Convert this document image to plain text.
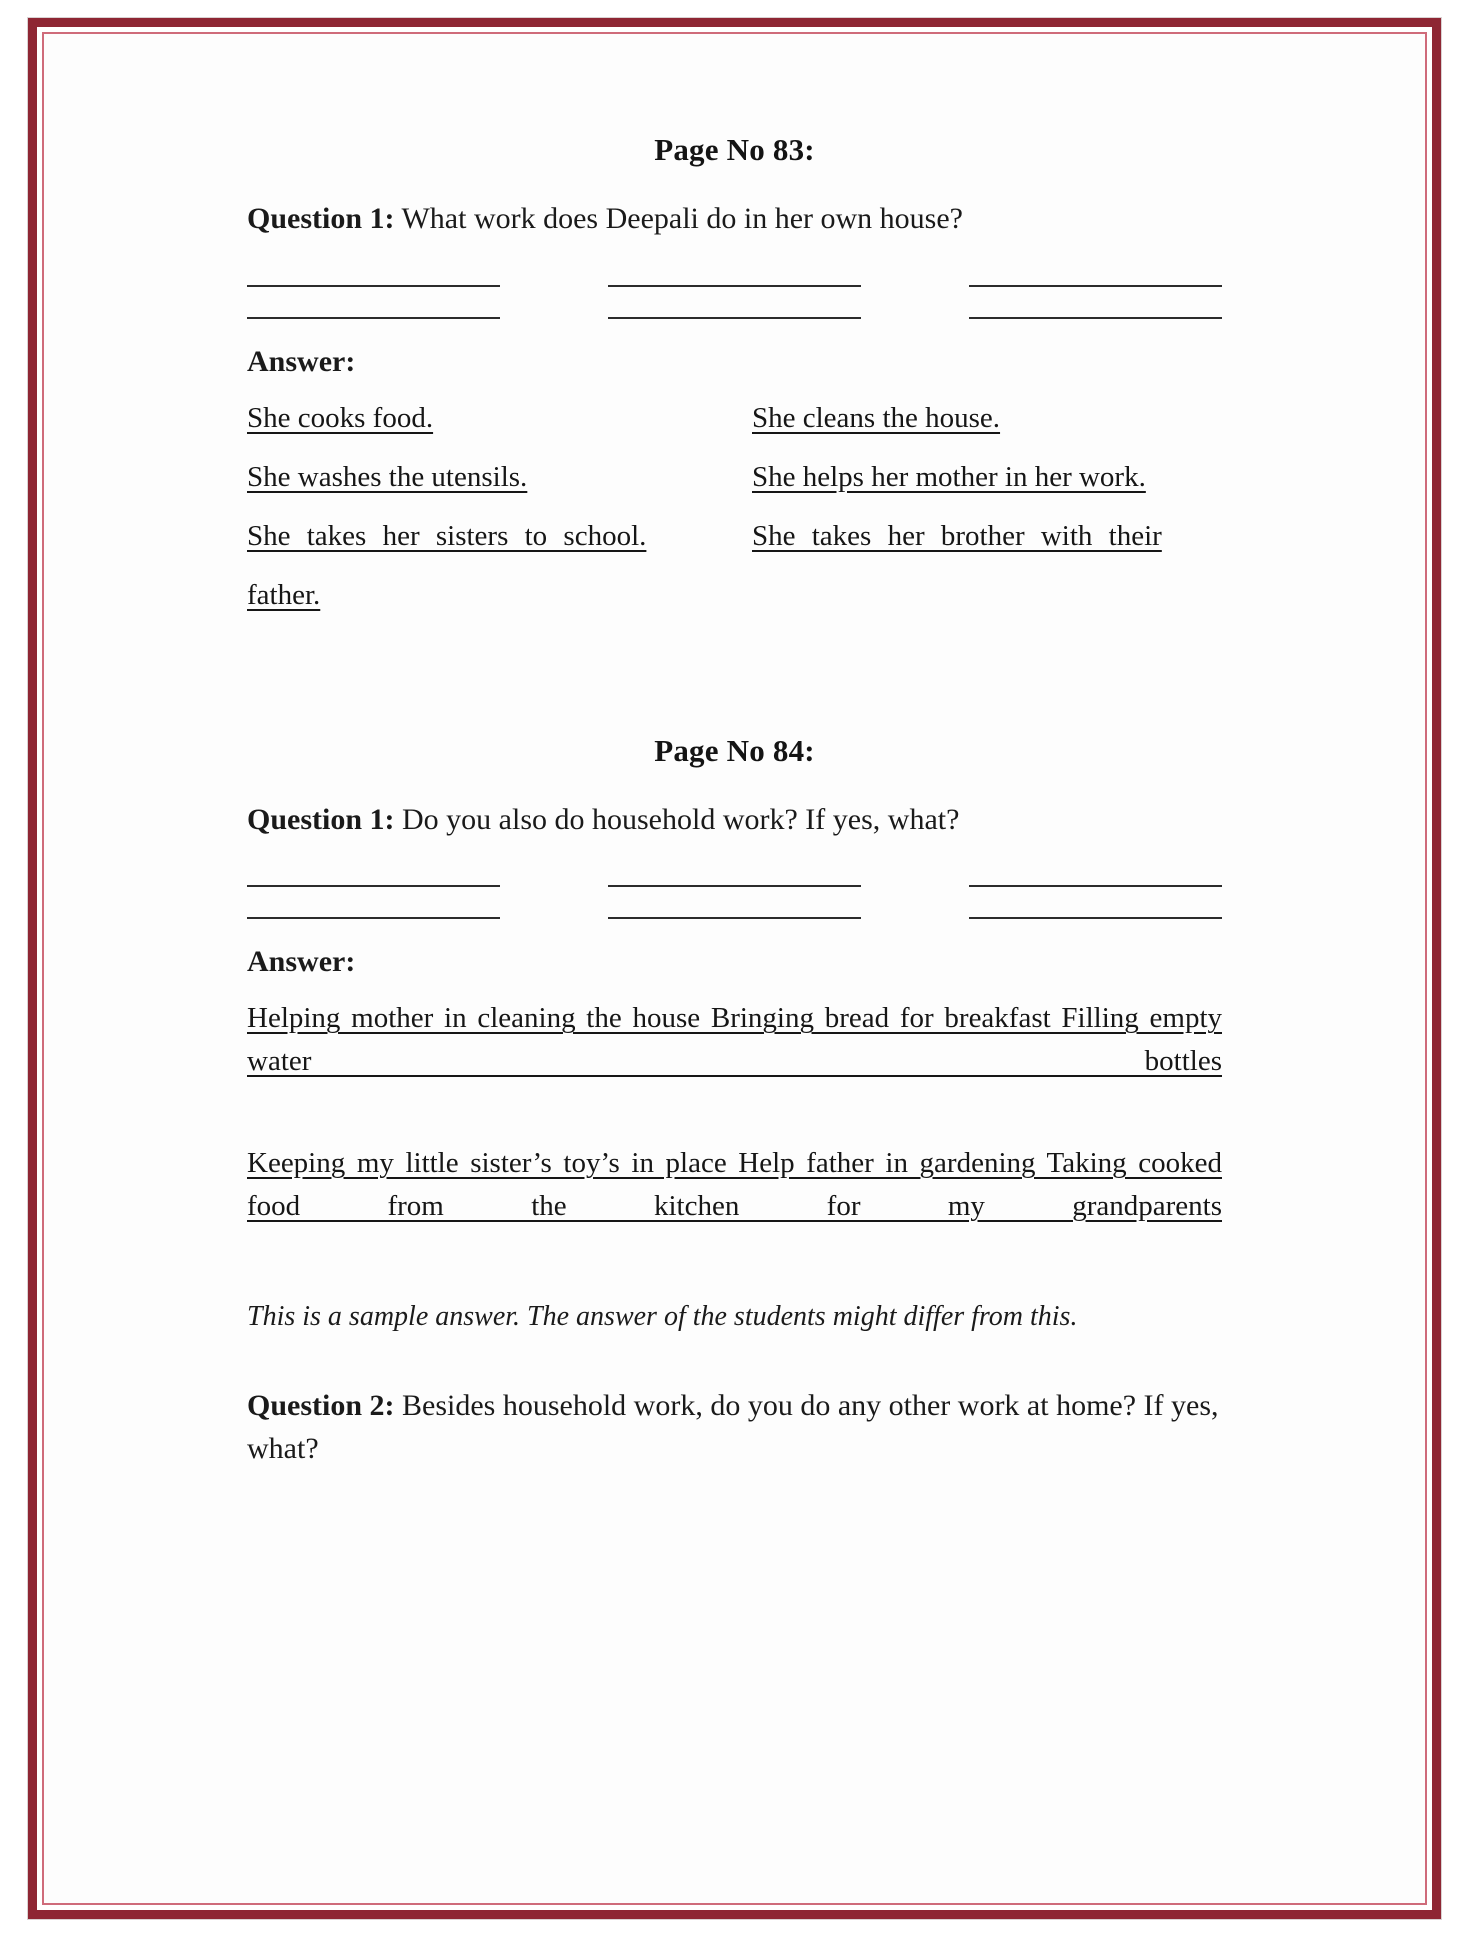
Page No 83:

Question 1: What work does Deepali do in her own house?

Answer:
She cooks food.	She cleans the house.
She washes the utensils.	She helps her mother in her work.
She takes her sisters to school.	She takes her brother with their
father.
Page No 84:

Question 1: Do you also do household work? If yes, what?

Answer:
Helping mother in cleaning the house Bringing bread for breakfast Filling empty water bottles
Keeping my little sister’s toy’s in place Help father in gardening Taking cooked food from the kitchen for my grandparents
This is a sample answer. The answer of the students might differ from this.

Question 2: Besides household work, do you do any other work at home? If yes, what?
